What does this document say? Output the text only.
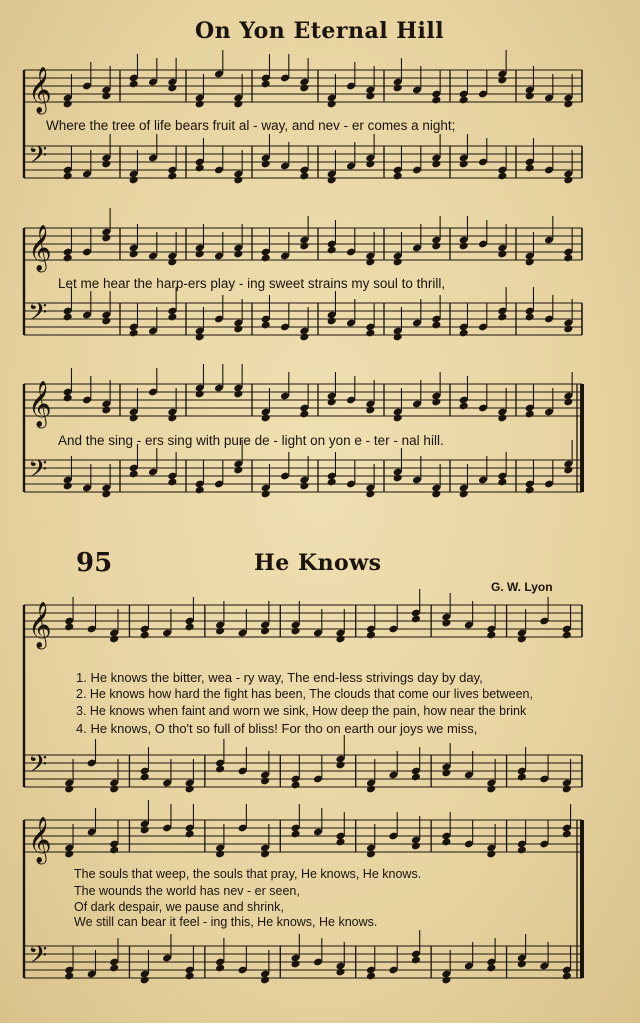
𝄞
𝄢
𝄞
𝄢
𝄞
𝄢
𝄞
𝄢
𝄞
𝄢
On Yon Eternal Hill
Where the tree of life bears fruit al - way, and nev - er comes a night;
Let me hear the harp-ers play - ing sweet strains my soul to thrill,
And the sing - ers sing with pure de - light on yon e - ter - nal hill.
95	He Knows
G. W. Lyon
1. He knows the bitter, wea - ry way, The end-less strivings day by day,
2. He knows how hard the fight has been, The clouds that come our lives between,
3. He knows when faint and worn we sink, How deep the pain, how near the brink
4. He knows, O tho't so full of bliss! For tho on earth our joys we miss,
The souls that weep, the souls that pray, He knows, He knows.
The wounds the world has nev - er seen,
Of dark despair, we pause and shrink,
We still can bear it feel - ing this, He knows, He knows.
